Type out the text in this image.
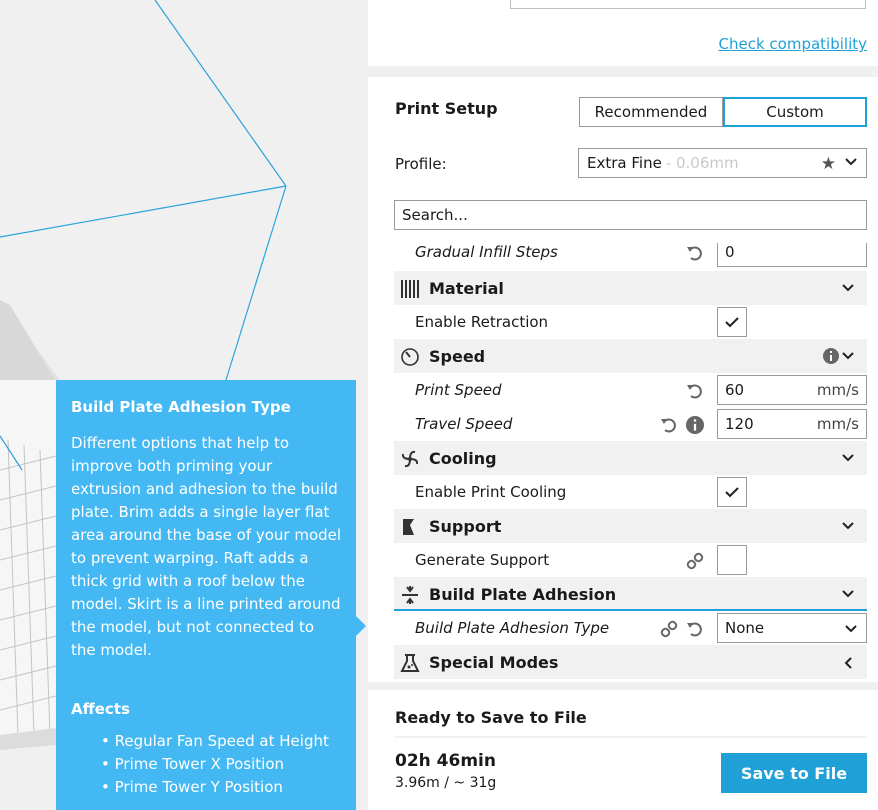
Build Plate Adhesion Type
Different options that help to improve both priming your extrusion and adhesion to the build plate. Brim adds a single layer flat area around the base of your model to prevent warping. Raft adds a thick grid with a roof below the model. Skirt is a line printed around the model, but not connected to the model.
Affects
• Regular Fan Speed at Height
• Prime Tower X Position
• Prime Tower Y Position
Check compatibility
Print Setup	Recommended	Custom
Profile:	Extra Fine - 0.06mm	★
Search...
Gradual Infill Steps	0
Material
Enable Retraction
Speed
Print Speed	60	mm/s
Travel Speed	120	mm/s
Cooling
Enable Print Cooling
Support
Generate Support
Build Plate Adhesion
Build Plate Adhesion Type	None
Special Modes
Ready to Save to File
02h 46min
3.96m / ~ 31g
Save to File
